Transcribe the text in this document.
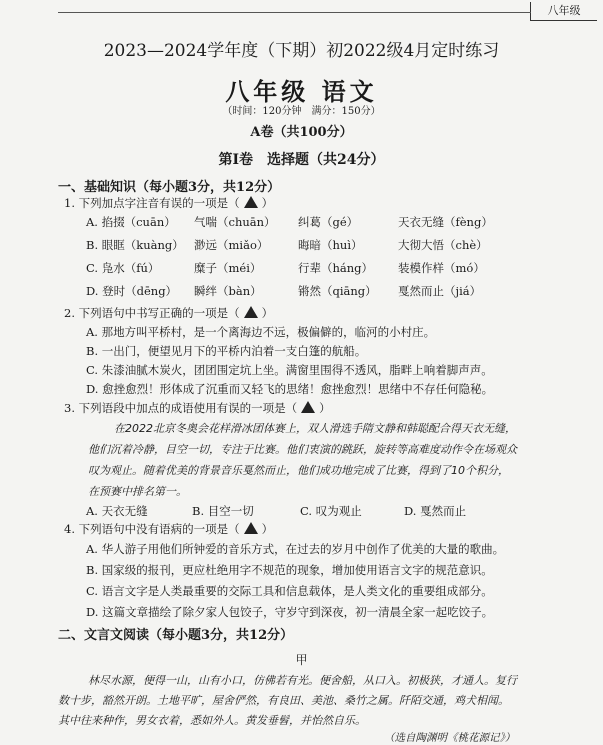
八年级
2023—2024学年度（下期）初2022级4月定时练习
八年级 语文
（时间：120分钟　满分：150分）
A卷（共100分）
第Ⅰ卷　选择题（共24分）
一、基础知识（每小题3分，共12分）
1. 下列加点字注音有误的一项是（ ）
A. 掐掇（cuān） 气喘（chuān） 纠葛（gé）	天衣无缝（fèng）
B. 眼眶（kuàng） 渺远（miǎo）	晦暗（huì）	大彻大悟（chè）
C. 凫水（fú）	糜子（méi）	行辈（háng） 装模作样（mó）
D. 登时（dēng） 瞬绊（bàn）	锵然（qiāng） 戛然而止（jiá）
2. 下列语句中书写正确的一项是（ ）
A. 那地方叫平桥村，是一个离海边不远，极偏僻的，临河的小村庄。
B. 一出门，便望见月下的平桥内泊着一支白篷的航船。
C. 朱漆油腻木炭火，团团围定坑上坐。满窗里围得不透风，脂畔上响着脚声声。
D. 愈挫愈烈！形体成了沉重而又轻飞的思绪！愈挫愈烈！思绪中不存任何隐秘。
3. 下列语段中加点的成语使用有误的一项是（ ）
在2022北京冬奥会花样滑冰团体赛上，双人滑选手隋文静和韩聪配合得天衣无缝，
他们沉着冷静，目空一切，专注于比赛。他们衷演的跳跃，旋转等高难度动作令在场观众
叹为观止。随着优美的背景音乐戛然而止，他们成功地完成了比赛，得到了10个积分，
在预赛中排名第一。
A. 天衣无缝	B. 目空一切	C. 叹为观止	D. 戛然而止
4. 下列语句中没有语病的一项是（ ）
A. 华人游子用他们所钟爱的音乐方式，在过去的岁月中创作了优美的大量的歌曲。
B. 国家级的报刊，更应杜绝用字不规范的现象，增加使用语言文字的规范意识。
C. 语言文字是人类最重要的交际工具和信息载体，是人类文化的重要组成部分。
D. 这篇文章描绘了除夕家人包饺子，守岁守到深夜，初一清晨全家一起吃饺子。
二、文言文阅读（每小题3分，共12分）
甲
林尽水源，便得一山，山有小口，仿佛若有光。便舍船，从口入。初极狭，才通人。复行
数十步，豁然开朗。土地平旷，屋舍俨然，有良田、美池、桑竹之属。阡陌交通，鸡犬相闻。
其中往来种作，男女衣着，悉如外人。黄发垂髫，并怡然自乐。
（选自陶渊明《桃花源记》）
